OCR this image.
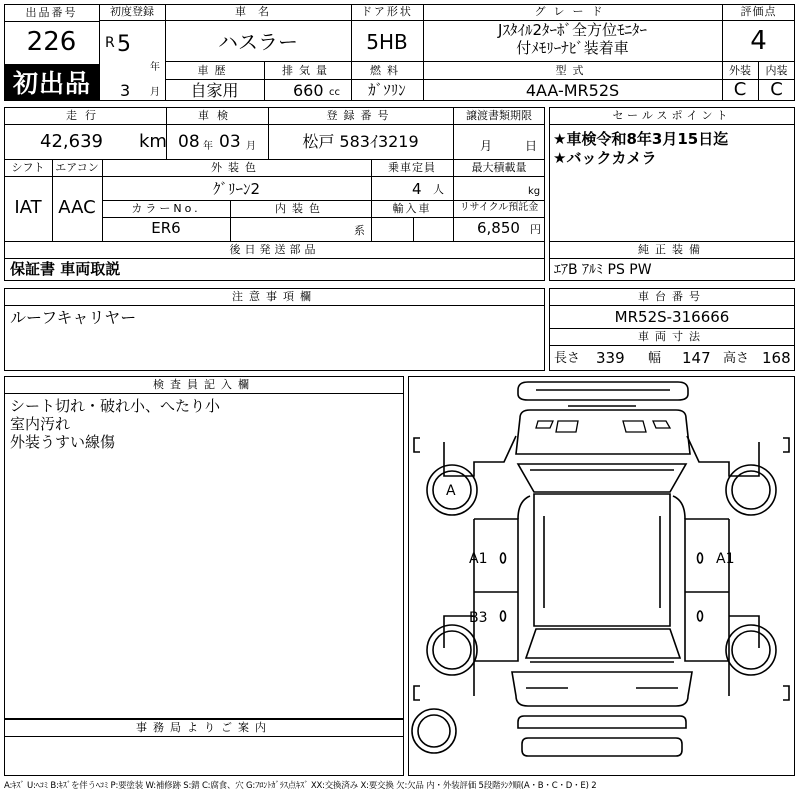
初出品
出品番号
226
初度登録
R 5
年
3 月
車名
ハスラー
ドア形状
5HB
グレード
Jｽﾀｲﾙ2ﾀｰﾎﾞ全方位ﾓﾆﾀｰ
付ﾒﾓﾘｰﾅﾋﾞ装着車
評価点
4
車歴
自家用
排気量
660 cc
燃料
ｶﾞｿﾘﾝ
型式
4AA-MR52S
外装	内装
C	C
走行
42,639 km
車検
08 年 03 月
登録番号
松戸 583ｲ3219
譲渡書類期限
月	日
シフト
IAT
エアコン
AAC
外装色
ｸﾞﾘｰﾝ2
乗車定員
4 人
最大積載量
kg
カラーNo.
ER6
内装色
系
輸入車	リサイクル預託金
6,850 円
後日発送部品
保証書 車両取説
セールスポイント
★車検令和8年3月15日迄
★バックカメラ
純正装備
ｴｱB ｱﾙﾐ PS PW
注意事項欄
ルーフキャリヤー
車台番号
MR52S-316666
車両寸法
長さ 339 幅 147 高さ 168
検査員記入欄
シート切れ・破れ小、へたり小
室内汚れ
外装うすい線傷
事務局よりご案内
A
A1
B3
A1
A:ｷｽﾞ U:ﾍｺﾐ B:ｷｽﾞを伴うﾍｺﾐ P:要塗装 W:補修跡 S:錆 C:腐食、穴 G:ﾌﾛﾝﾄｶﾞﾗｽ点ｷｽﾞ XX:交換済み X:要交換 欠:欠品 内・外装評価 5段階ﾗﾝｸ順(A・B・C・D・E) 2
